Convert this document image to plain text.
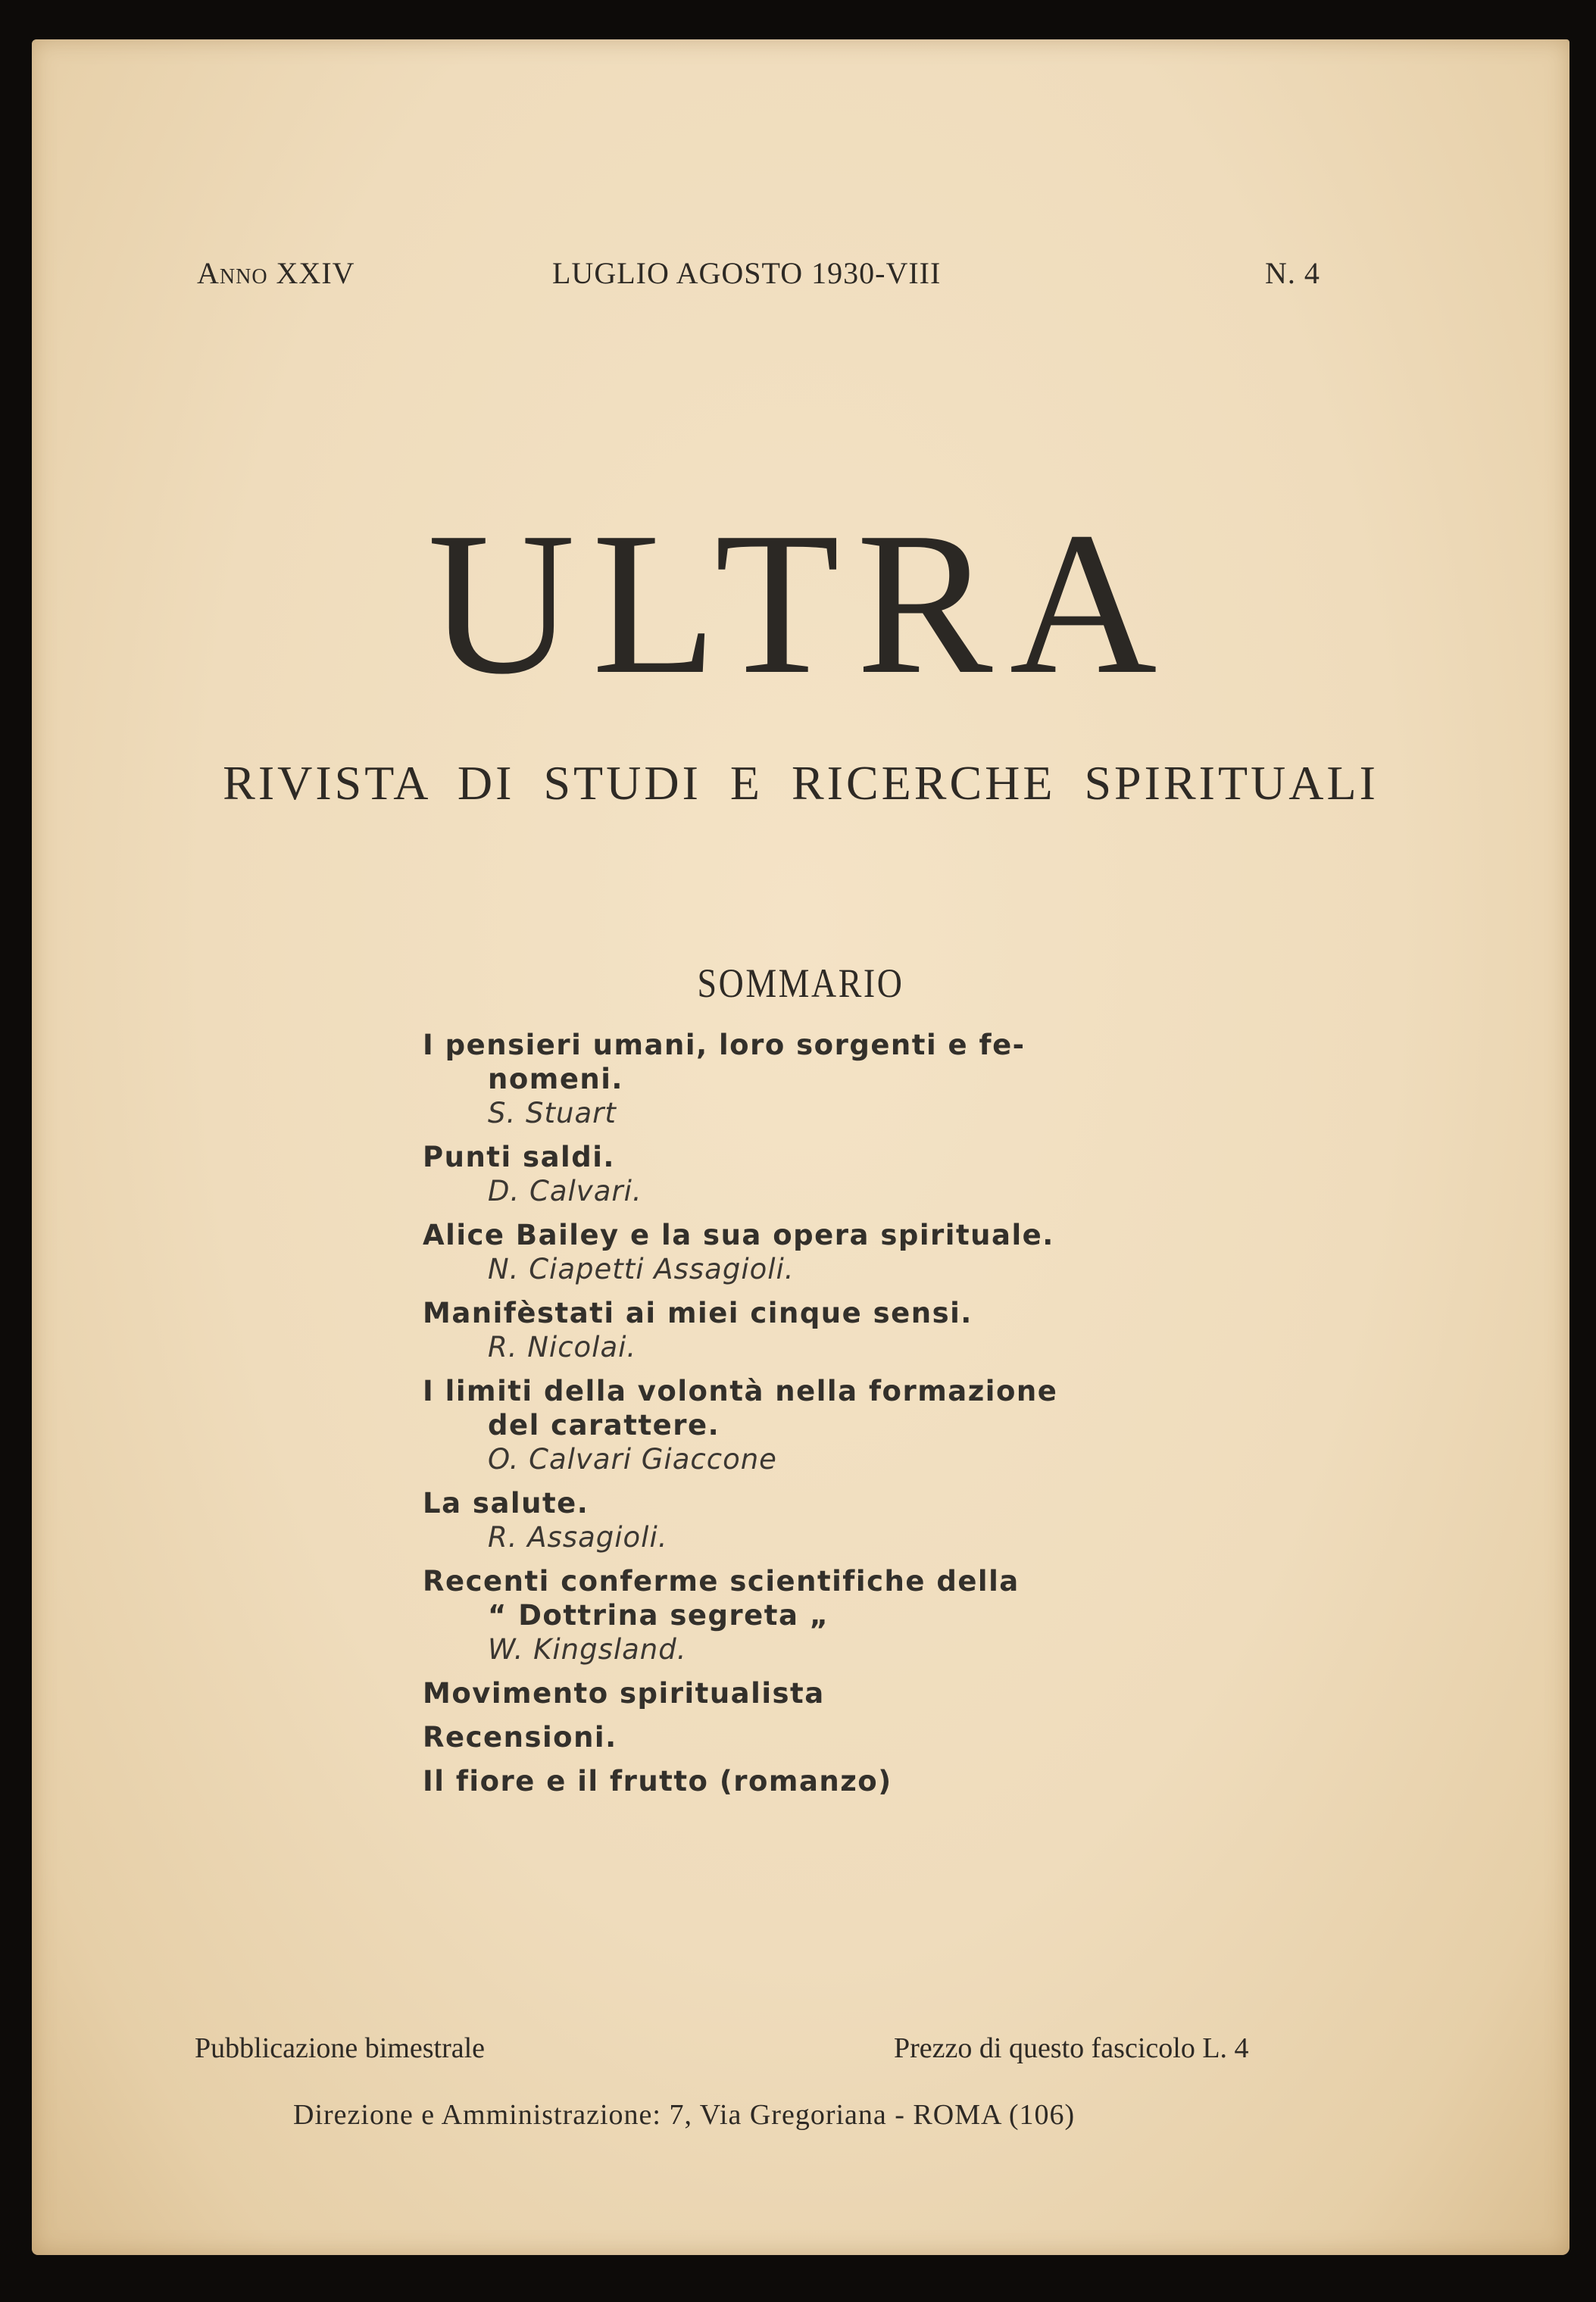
Anno XXIV	LUGLIO AGOSTO 1930-VIII	N. 4
ULTRA
RIVISTA DI STUDI E RICERCHE SPIRITUALI
SOMMARIO
I pensieri umani, loro sorgenti e fe-
nomeni.
S. Stuart
Punti saldi.
D. Calvari.
Alice Bailey e la sua opera spirituale.
N. Ciapetti Assagioli.
Manifèstati ai miei cinque sensi.
R. Nicolai.
I limiti della volontà nella formazione
del carattere.
O. Calvari Giaccone
La salute.
R. Assagioli.
Recenti conferme scientifiche della
“ Dottrina segreta „
W. Kingsland.
Movimento spiritualista
Recensioni.
Il fiore e il frutto (romanzo)
Pubblicazione bimestrale	Prezzo di questo fascicolo L. 4
Direzione e Amministrazione: 7, Via Gregoriana - ROMA (106)
